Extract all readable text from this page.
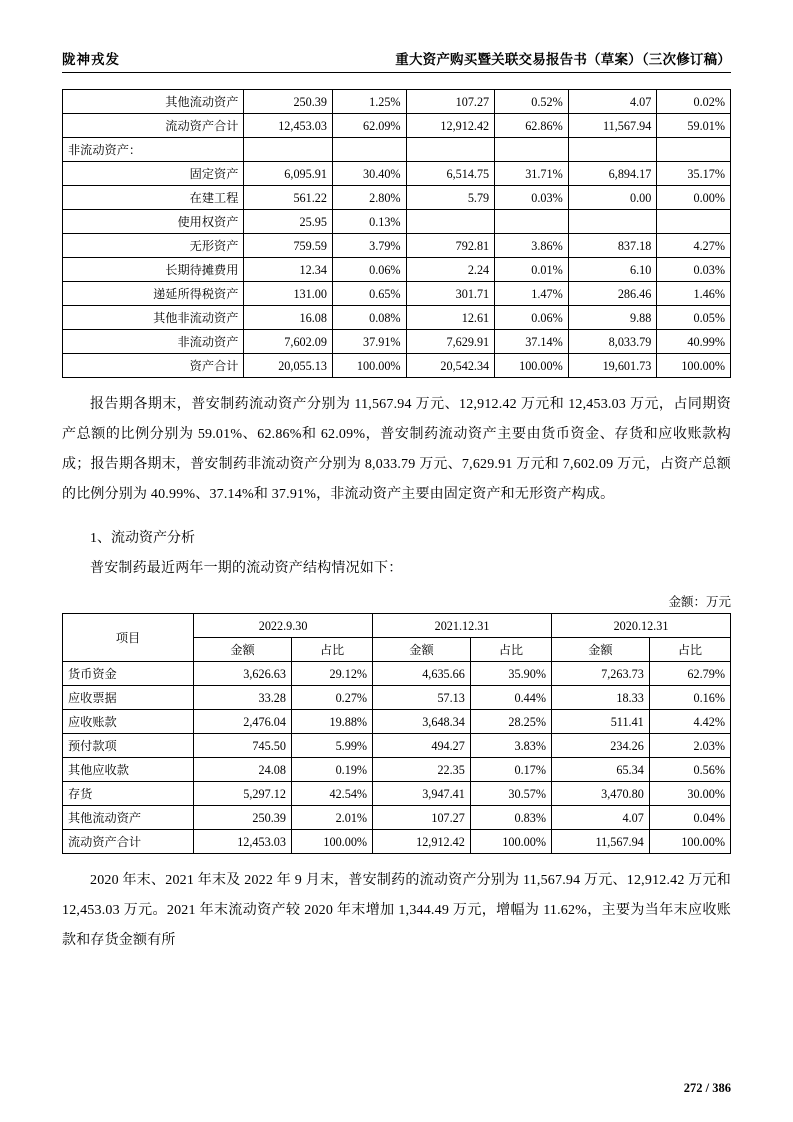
陇神戎发	重大资产购买暨关联交易报告书（草案）（三次修订稿）
其他流动资产	250.39	1.25%	107.27	0.52%	4.07	0.02%
流动资产合计	12,453.03	62.09%	12,912.42	62.86%	11,567.94	59.01%
非流动资产：						
固定资产	6,095.91	30.40%	6,514.75	31.71%	6,894.17	35.17%
在建工程	561.22	2.80%	5.79	0.03%	0.00	0.00%
使用权资产	25.95	0.13%				
无形资产	759.59	3.79%	792.81	3.86%	837.18	4.27%
长期待摊费用	12.34	0.06%	2.24	0.01%	6.10	0.03%
递延所得税资产	131.00	0.65%	301.71	1.47%	286.46	1.46%
其他非流动资产	16.08	0.08%	12.61	0.06%	9.88	0.05%
非流动资产	7,602.09	37.91%	7,629.91	37.14%	8,033.79	40.99%
资产合计	20,055.13	100.00%	20,542.34	100.00%	19,601.73	100.00%

报告期各期末，普安制药流动资产分别为 11,567.94 万元、12,912.42 万元和 12,453.03 万元，占同期资产总额的比例分别为 59.01%、62.86%和 62.09%，普安制药流动资产主要由货币资金、存货和应收账款构成；报告期各期末，普安制药非流动资产分别为 8,033.79 万元、7,629.91 万元和 7,602.09 万元，占资产总额的比例分别为 40.99%、37.14%和 37.91%，非流动资产主要由固定资产和无形资产构成。

1、流动资产分析

普安制药最近两年一期的流动资产结构情况如下：

金额：万元
项目	2022.9.30		2021.12.31		2020.12.31	
	金额	占比	金额	占比	金额	占比
货币资金	3,626.63	29.12%	4,635.66	35.90%	7,263.73	62.79%
应收票据	33.28	0.27%	57.13	0.44%	18.33	0.16%
应收账款	2,476.04	19.88%	3,648.34	28.25%	511.41	4.42%
预付款项	745.50	5.99%	494.27	3.83%	234.26	2.03%
其他应收款	24.08	0.19%	22.35	0.17%	65.34	0.56%
存货	5,297.12	42.54%	3,947.41	30.57%	3,470.80	30.00%
其他流动资产	250.39	2.01%	107.27	0.83%	4.07	0.04%
流动资产合计	12,453.03	100.00%	12,912.42	100.00%	11,567.94	100.00%

2020 年末、2021 年末及 2022 年 9 月末，普安制药的流动资产分别为 11,567.94 万元、12,912.42 万元和 12,453.03 万元。2021 年末流动资产较 2020 年末增加 1,344.49 万元，增幅为 11.62%，主要为当年末应收账款和存货金额有所

272 / 386
